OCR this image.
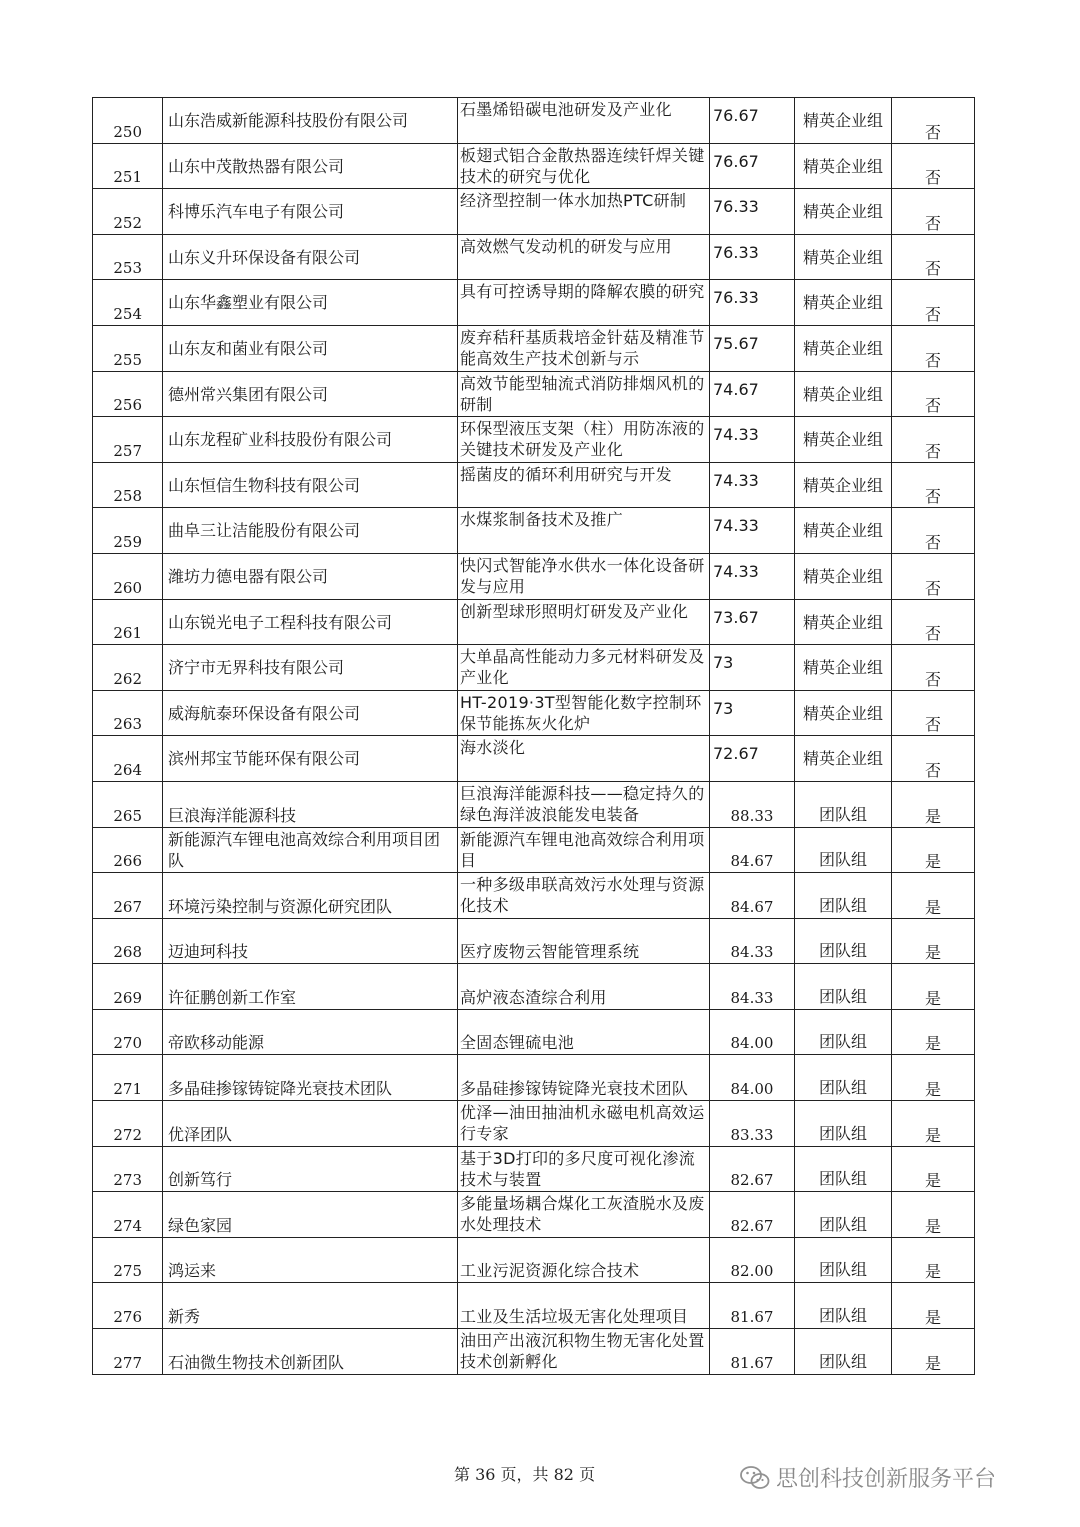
250	山东浩威新能源科技股份有限公司	石墨烯铅碳电池研发及产业化	76.67	精英企业组	否

251	山东中茂散热器有限公司	板翅式铝合金散热器连续钎焊关键技术的研究与优化	76.67	精英企业组	否

252	科博乐汽车电子有限公司	经济型控制一体水加热PTC研制	76.33	精英企业组	否

253	山东义升环保设备有限公司	高效燃气发动机的研发与应用	76.33	精英企业组	否

254	山东华鑫塑业有限公司	具有可控诱导期的降解农膜的研究	76.33	精英企业组	否

255	山东友和菌业有限公司	废弃秸秆基质栽培金针菇及精准节能高效生产技术创新与示	75.67	精英企业组	否

256	德州常兴集团有限公司	高效节能型轴流式消防排烟风机的研制	74.67	精英企业组	否

257	山东龙程矿业科技股份有限公司	环保型液压支架（柱）用防冻液的关键技术研发及产业化	74.33	精英企业组	否

258	山东恒信生物科技有限公司	摇菌皮的循环利用研究与开发	74.33	精英企业组	否

259	曲阜三让洁能股份有限公司	水煤浆制备技术及推广	74.33	精英企业组	否

260	潍坊力德电器有限公司	快闪式智能净水供水一体化设备研发与应用	74.33	精英企业组	否

261	山东锐光电子工程科技有限公司	创新型球形照明灯研发及产业化	73.67	精英企业组	否

262	济宁市无界科技有限公司	大单晶高性能动力多元材料研发及产业化	73	精英企业组	否

263	威海航泰环保设备有限公司	HT-2019·3T型智能化数字控制环保节能拣灰火化炉	73	精英企业组	否

264	滨州邦宝节能环保有限公司	海水淡化	72.67	精英企业组	否

265	巨浪海洋能源科技	巨浪海洋能源科技——稳定持久的绿色海洋波浪能发电装备	88.33	团队组	是

266	新能源汽车锂电池高效综合利用项目团队	新能源汽车锂电池高效综合利用项目	84.67	团队组	是

267	环境污染控制与资源化研究团队	一种多级串联高效污水处理与资源化技术	84.67	团队组	是

268	迈迪珂科技	医疗废物云智能管理系统	84.33	团队组	是

269	许征鹏创新工作室	高炉液态渣综合利用	84.33	团队组	是

270	帝欧移动能源	全固态锂硫电池	84.00	团队组	是

271	多晶硅掺镓铸锭降光衰技术团队	多晶硅掺镓铸锭降光衰技术团队	84.00	团队组	是

272	优泽团队	优泽—油田抽油机永磁电机高效运行专家	83.33	团队组	是

273	创新笃行	基于3D打印的多尺度可视化渗流技术与装置	82.67	团队组	是

274	绿色家园	多能量场耦合煤化工灰渣脱水及废水处理技术	82.67	团队组	是

275	鸿运来	工业污泥资源化综合技术	82.00	团队组	是

276	新秀	工业及生活垃圾无害化处理项目	81.67	团队组	是

277	石油微生物技术创新团队	油田产出液沉积物生物无害化处置技术创新孵化	81.67	团队组	是
第 36 页，共 82 页	思创科技创新服务平台
